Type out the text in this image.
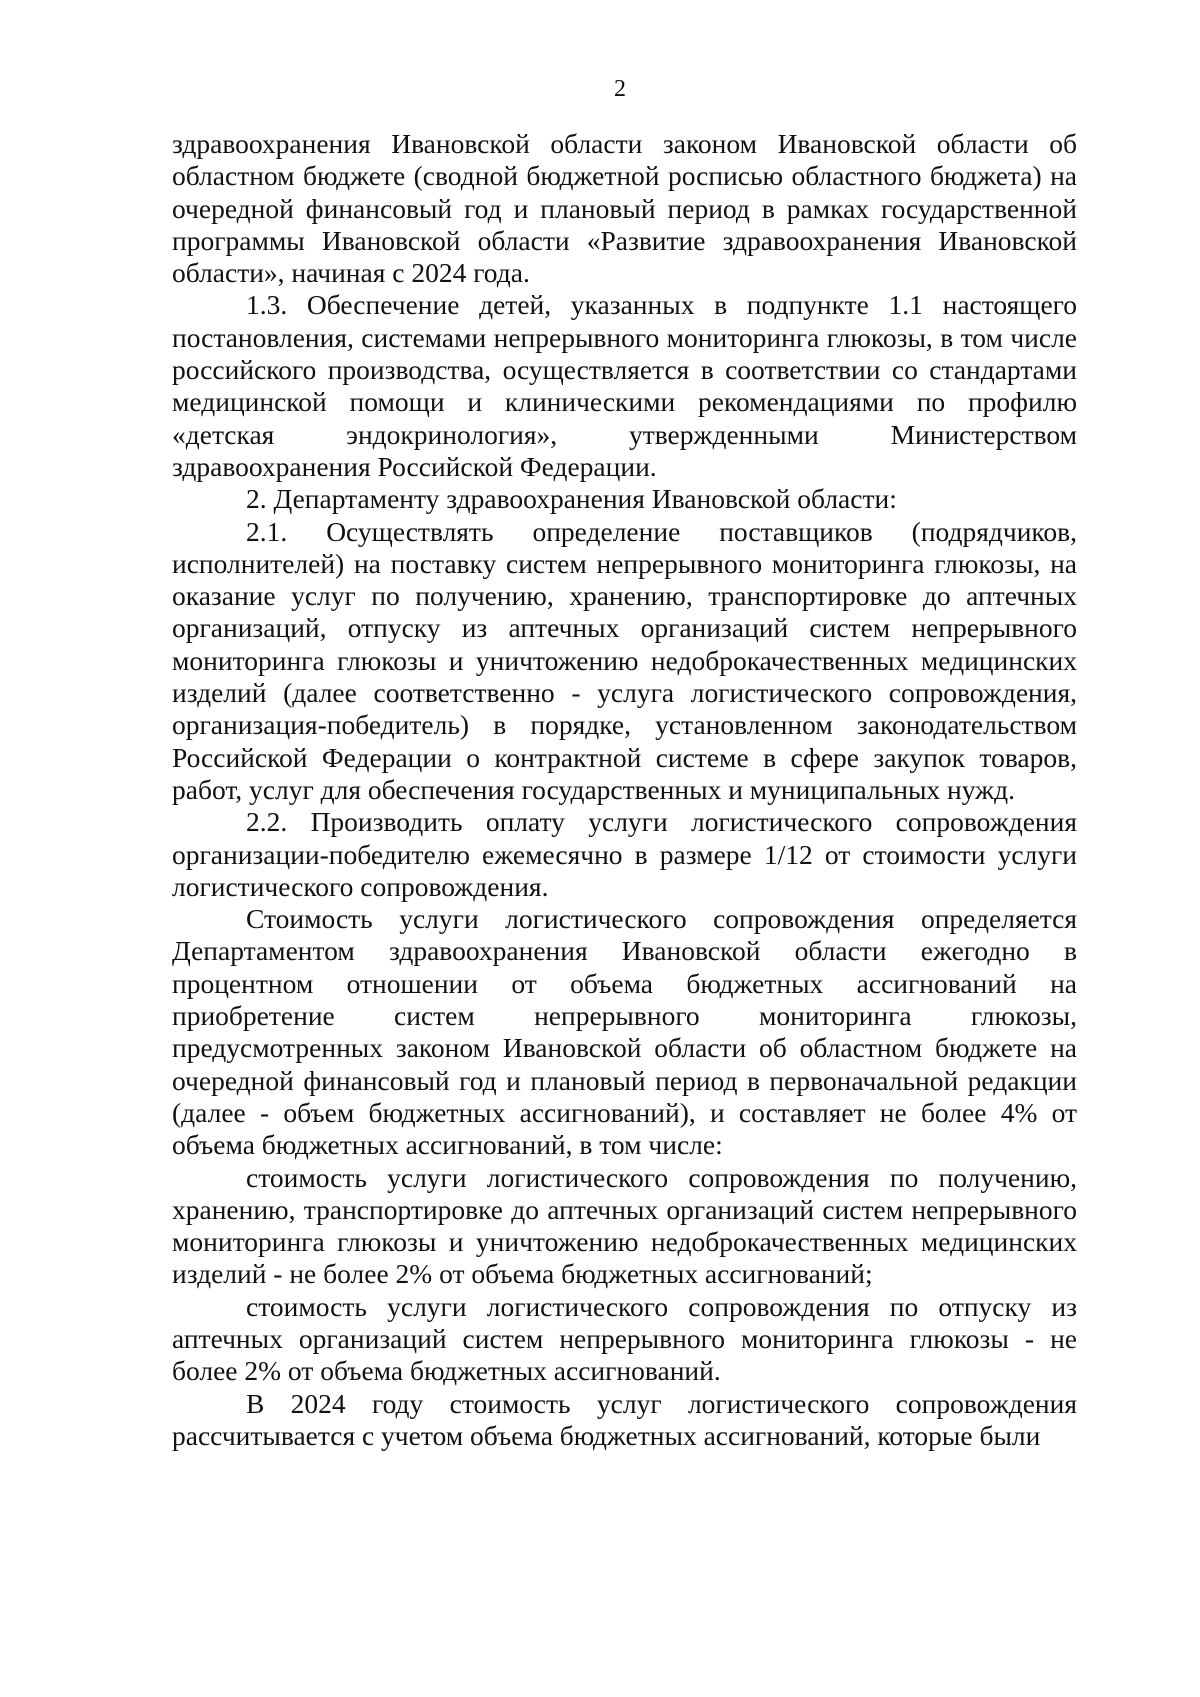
2

здравоохранения Ивановской области законом Ивановской области об областном бюджете (сводной бюджетной росписью областного бюджета) на очередной финансовый год и плановый период в рамках государственной программы Ивановской области «Развитие здравоохранения Ивановской области», начиная с 2024 года.

1.3. Обеспечение детей, указанных в подпункте 1.1 настоящего постановления, системами непрерывного мониторинга глюкозы, в том числе российского производства, осуществляется в соответствии со стандартами медицинской помощи и клиническими рекомендациями по профилю «детская эндокринология», утвержденными Министерством здравоохранения Российской Федерации.

2. Департаменту здравоохранения Ивановской области:

2.1. Осуществлять определение поставщиков (подрядчиков, исполнителей) на поставку систем непрерывного мониторинга глюкозы, на оказание услуг по получению, хранению, транспортировке до аптечных организаций, отпуску из аптечных организаций систем непрерывного мониторинга глюкозы и уничтожению недоброкачественных медицинских изделий (далее соответственно - услуга логистического сопровождения, организация-победитель) в порядке, установленном законодательством Российской Федерации о контрактной системе в сфере закупок товаров, работ, услуг для обеспечения государственных и муниципальных нужд.

2.2. Производить оплату услуги логистического сопровождения организации-победителю ежемесячно в размере 1/12 от стоимости услуги логистического сопровождения.

Стоимость услуги логистического сопровождения определяется Департаментом здравоохранения Ивановской области ежегодно в процентном отношении от объема бюджетных ассигнований на приобретение систем непрерывного мониторинга глюкозы, предусмотренных законом Ивановской области об областном бюджете на очередной финансовый год и плановый период в первоначальной редакции (далее - объем бюджетных ассигнований), и составляет не более 4% от объема бюджетных ассигнований, в том числе:

стоимость услуги логистического сопровождения по получению, хранению, транспортировке до аптечных организаций систем непрерывного мониторинга глюкозы и уничтожению недоброкачественных медицинских изделий - не более 2% от объема бюджетных ассигнований;

стоимость услуги логистического сопровождения по отпуску из аптечных организаций систем непрерывного мониторинга глюкозы - не более 2% от объема бюджетных ассигнований.

В 2024 году стоимость услуг логистического сопровождения рассчитывается с учетом объема бюджетных ассигнований, которые были
